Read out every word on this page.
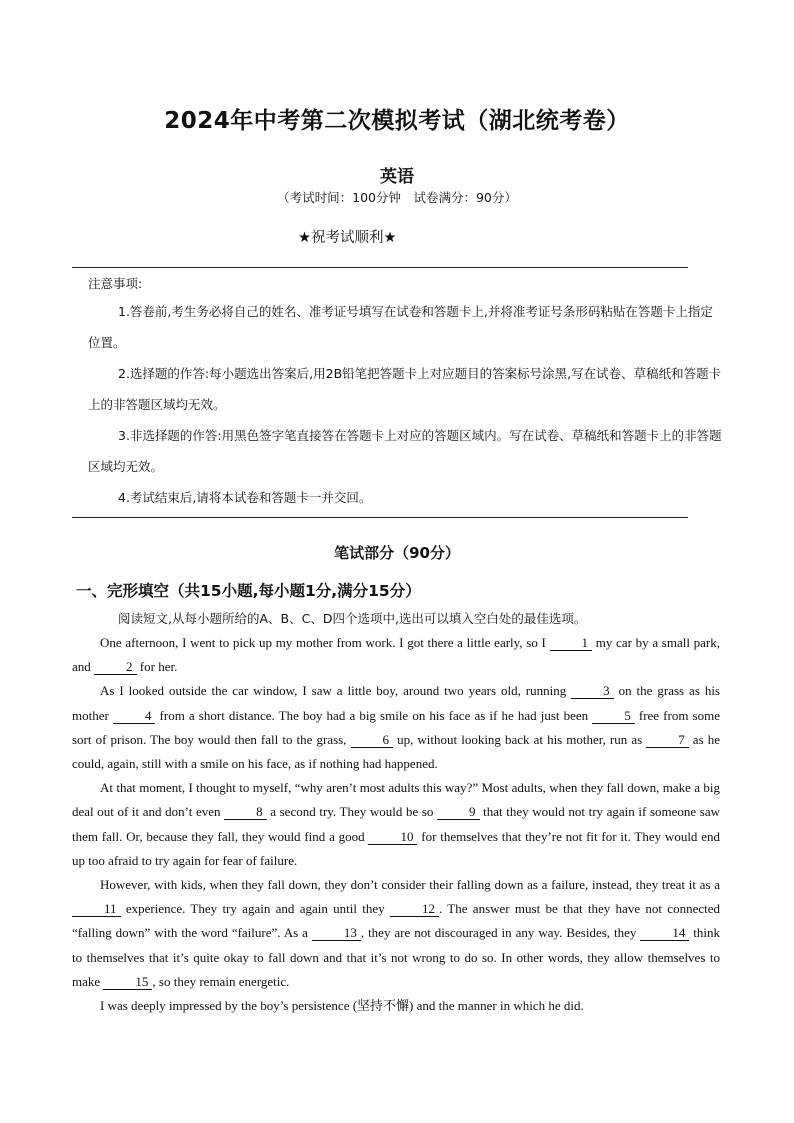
2024年中考第二次模拟考试（湖北统考卷）
英语
（考试时间：100分钟　试卷满分：90分）
★祝考试顺利★
注意事项:

1.答卷前,考生务必将自己的姓名、准考证号填写在试卷和答题卡上,并将准考证号条形码粘贴在答题卡上指定位置。

2.选择题的作答:每小题选出答案后,用2B铅笔把答题卡上对应题目的答案标号涂黑,写在试卷、草稿纸和答题卡上的非答题区域均无效。

3.非选择题的作答:用黑色签字笔直接答在答题卡上对应的答题区域内。写在试卷、草稿纸和答题卡上的非答题区域均无效。

4.考试结束后,请将本试卷和答题卡一并交回。

笔试部分（90分）
一、完形填空（共15小题,每小题1分,满分15分）
阅读短文,从每小题所给的A、B、C、D四个选项中,选出可以填入空白处的最佳选项。

One afternoon, I went to pick up my mother from work. I got there a little early, so I 1 my car by a small park, and 2 for her.

As I looked outside the car window, I saw a little boy, around two years old, running 3 on the grass as his mother 4 from a short distance. The boy had a big smile on his face as if he had just been 5 free from some sort of prison. The boy would then fall to the grass, 6 up, without looking back at his mother, run as 7 as he could, again, still with a smile on his face, as if nothing had happened.

At that moment, I thought to myself, “why aren’t most adults this way?” Most adults, when they fall down, make a big deal out of it and don’t even 8 a second try. They would be so 9 that they would not try again if someone saw them fall. Or, because they fall, they would find a good 10 for themselves that they’re not fit for it. They would end up too afraid to try again for fear of failure.

However, with kids, when they fall down, they don’t consider their falling down as a failure, instead, they treat it as a 11 experience. They try again and again until they 12 . The answer must be that they have not connected “falling down” with the word “failure”. As a 13 , they are not discouraged in any way. Besides, they 14 think to themselves that it’s quite okay to fall down and that it’s not wrong to do so. In other words, they allow themselves to make 15 , so they remain energetic.

I was deeply impressed by the boy’s persistence (坚持不懈) and the manner in which he did.
